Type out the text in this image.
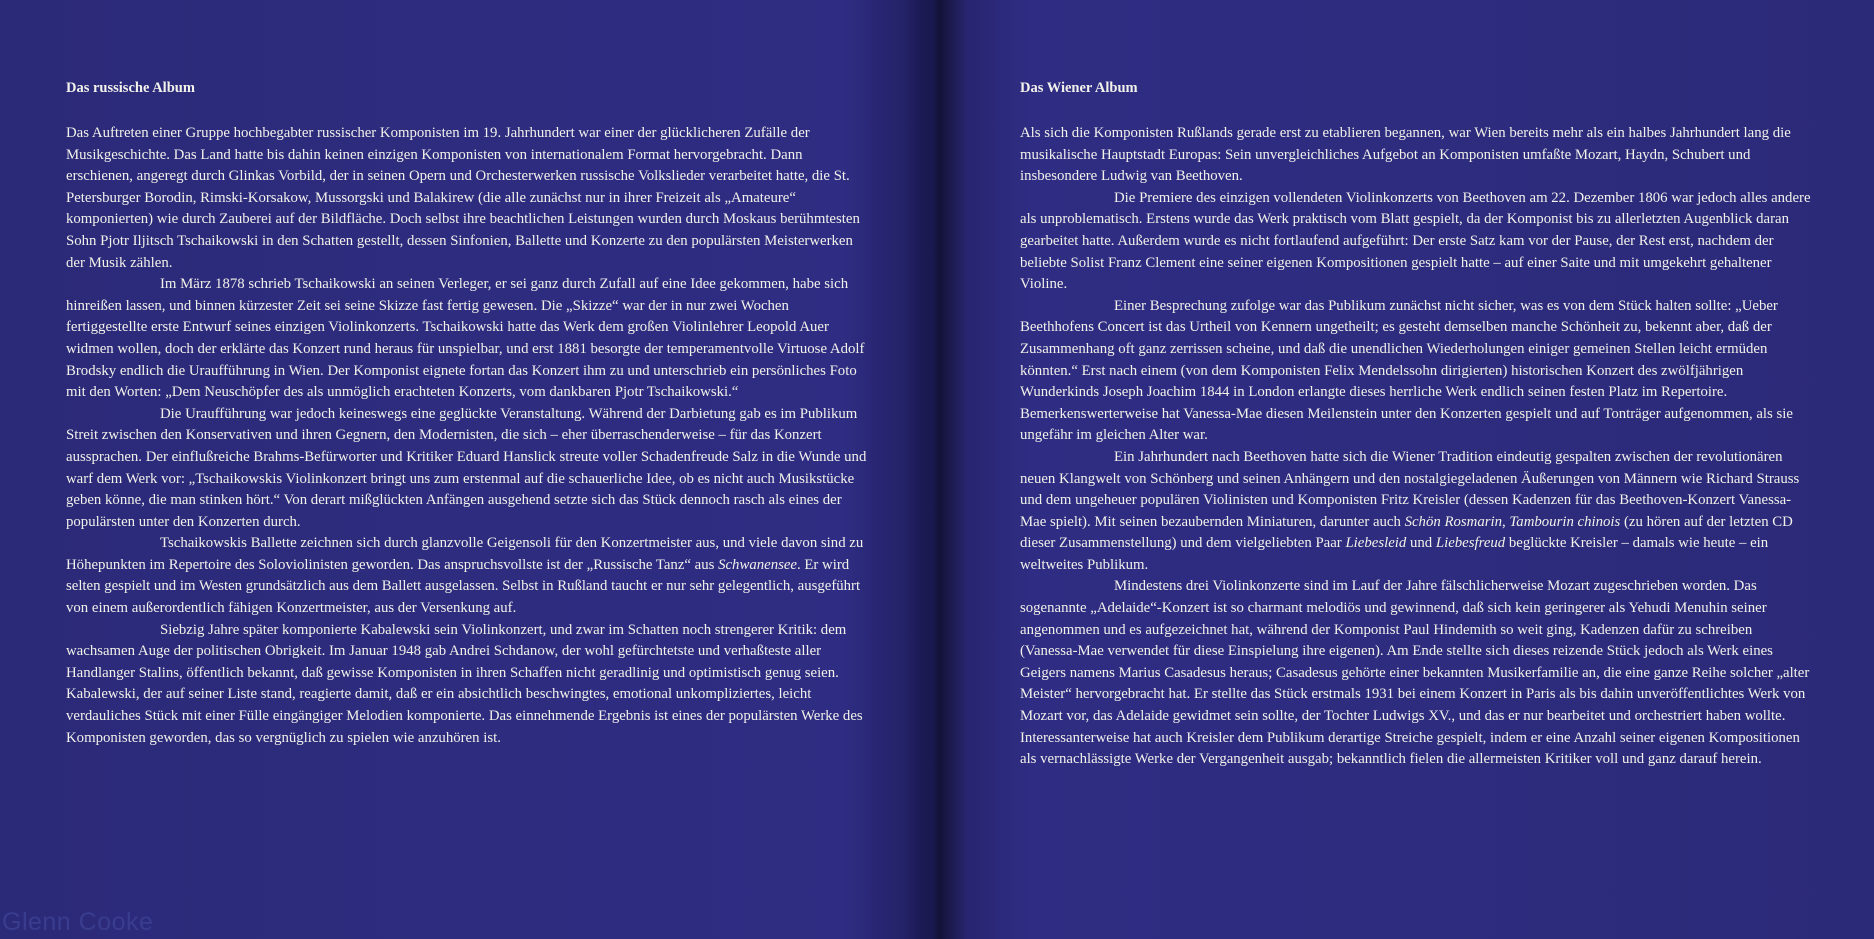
Das russische Album

Das Auftreten einer Gruppe hochbegabter russischer Komponisten im 19. Jahrhundert war einer der glücklicheren Zufälle der Musikgeschichte. Das Land hatte bis dahin keinen einzigen Komponisten von internationalem Format hervorgebracht. Dann erschienen, angeregt durch Glinkas Vorbild, der in seinen Opern und Orchesterwerken russische Volkslieder verarbeitet hatte, die St. Petersburger Borodin, Rimski-Korsakow, Mussorgski und Balakirew (die alle zunächst nur in ihrer Freizeit als „Amateure“ komponierten) wie durch Zauberei auf der Bildfläche. Doch selbst ihre beachtlichen Leistungen wurden durch Moskaus berühmtesten Sohn Pjotr Iljitsch Tschaikowski in den Schatten gestellt, dessen Sinfonien, Ballette und Konzerte zu den populärsten Meisterwerken der Musik zählen.

Im März 1878 schrieb Tschaikowski an seinen Verleger, er sei ganz durch Zufall auf eine Idee gekommen, habe sich hinreißen lassen, und binnen kürzester Zeit sei seine Skizze fast fertig gewesen. Die „Skizze“ war der in nur zwei Wochen fertiggestellte erste Entwurf seines einzigen Violinkonzerts. Tschaikowski hatte das Werk dem großen Violinlehrer Leopold Auer widmen wollen, doch der erklärte das Konzert rund heraus für unspielbar, und erst 1881 besorgte der temperamentvolle Virtuose Adolf Brodsky endlich die Uraufführung in Wien. Der Komponist eignete fortan das Konzert ihm zu und unterschrieb ein persönliches Foto mit den Worten: „Dem Neuschöpfer des als unmöglich erachteten Konzerts, vom dankbaren Pjotr Tschaikowski.“

Die Uraufführung war jedoch keineswegs eine geglückte Veranstaltung. Während der Darbietung gab es im Publikum Streit zwischen den Konservativen und ihren Gegnern, den Modernisten, die sich – eher überraschenderweise – für das Konzert aussprachen. Der einflußreiche Brahms-Befürworter und Kritiker Eduard Hanslick streute voller Schadenfreude Salz in die Wunde und warf dem Werk vor: „Tschaikowskis Violinkonzert bringt uns zum erstenmal auf die schauerliche Idee, ob es nicht auch Musikstücke geben könne, die man stinken hört.“ Von derart mißglückten Anfängen ausgehend setzte sich das Stück dennoch rasch als eines der populärsten unter den Konzerten durch.

Tschaikowskis Ballette zeichnen sich durch glanzvolle Geigensoli für den Konzertmeister aus, und viele davon sind zu Höhepunkten im Repertoire des Soloviolinisten geworden. Das anspruchsvollste ist der „Russische Tanz“ aus Schwanensee. Er wird selten gespielt und im Westen grundsätzlich aus dem Ballett ausgelassen. Selbst in Rußland taucht er nur sehr gelegentlich, ausgeführt von einem außerordentlich fähigen Konzertmeister, aus der Versenkung auf.

Siebzig Jahre später komponierte Kabalewski sein Violinkonzert, und zwar im Schatten noch strengerer Kritik: dem wachsamen Auge der politischen Obrigkeit. Im Januar 1948 gab Andrei Schdanow, der wohl gefürchtetste und verhaßteste aller Handlanger Stalins, öffentlich bekannt, daß gewisse Komponisten in ihren Schaffen nicht geradlinig und optimistisch genug seien. Kabalewski, der auf seiner Liste stand, reagierte damit, daß er ein absichtlich beschwingtes, emotional unkompliziertes, leicht verdauliches Stück mit einer Fülle eingängiger Melodien komponierte. Das einnehmende Ergebnis ist eines der populärsten Werke des Komponisten geworden, das so vergnüglich zu spielen wie anzuhören ist.

Das Wiener Album

Als sich die Komponisten Rußlands gerade erst zu etablieren begannen, war Wien bereits mehr als ein halbes Jahrhundert lang die musikalische Hauptstadt Europas: Sein unvergleichliches Aufgebot an Komponisten umfaßte Mozart, Haydn, Schubert und insbesondere Ludwig van Beethoven.

Die Premiere des einzigen vollendeten Violinkonzerts von Beethoven am 22. Dezember 1806 war jedoch alles andere als unproblematisch. Erstens wurde das Werk praktisch vom Blatt gespielt, da der Komponist bis zu allerletzten Augenblick daran gearbeitet hatte. Außerdem wurde es nicht fortlaufend aufgeführt: Der erste Satz kam vor der Pause, der Rest erst, nachdem der beliebte Solist Franz Clement eine seiner eigenen Kompositionen gespielt hatte – auf einer Saite und mit umgekehrt gehaltener Violine.

Einer Besprechung zufolge war das Publikum zunächst nicht sicher, was es von dem Stück halten sollte: „Ueber Beethhofens Concert ist das Urtheil von Kennern ungetheilt; es gesteht demselben manche Schönheit zu, bekennt aber, daß der Zusammenhang oft ganz zerrissen scheine, und daß die unendlichen Wiederholungen einiger gemeinen Stellen leicht ermüden könnten.“ Erst nach einem (von dem Komponisten Felix Mendelssohn dirigierten) historischen Konzert des zwölfjährigen Wunderkinds Joseph Joachim 1844 in London erlangte dieses herrliche Werk endlich seinen festen Platz im Repertoire. Bemerkenswerterweise hat Vanessa-Mae diesen Meilenstein unter den Konzerten gespielt und auf Tonträger aufgenommen, als sie ungefähr im gleichen Alter war.

Ein Jahrhundert nach Beethoven hatte sich die Wiener Tradition eindeutig gespalten zwischen der revolutionären neuen Klangwelt von Schönberg und seinen Anhängern und den nostalgiegeladenen Äußerungen von Männern wie Richard Strauss und dem ungeheuer populären Violinisten und Komponisten Fritz Kreisler (dessen Kadenzen für das Beethoven-Konzert Vanessa-Mae spielt). Mit seinen bezaubernden Miniaturen, darunter auch Schön Rosmarin, Tambourin chinois (zu hören auf der letzten CD dieser Zusammenstellung) und dem vielgeliebten Paar Liebesleid und Liebesfreud beglückte Kreisler – damals wie heute – ein weltweites Publikum.

Mindestens drei Violinkonzerte sind im Lauf der Jahre fälschlicherweise Mozart zugeschrieben worden. Das sogenannte „Adelaide“-Konzert ist so charmant melodiös und gewinnend, daß sich kein geringerer als Yehudi Menuhin seiner angenommen und es aufgezeichnet hat, während der Komponist Paul Hindemith so weit ging, Kadenzen dafür zu schreiben (Vanessa-Mae verwendet für diese Einspielung ihre eigenen). Am Ende stellte sich dieses reizende Stück jedoch als Werk eines Geigers namens Marius Casadesus heraus; Casadesus gehörte einer bekannten Musikerfamilie an, die eine ganze Reihe solcher „alter Meister“ hervorgebracht hat. Er stellte das Stück erstmals 1931 bei einem Konzert in Paris als bis dahin unveröffentlichtes Werk von Mozart vor, das Adelaide gewidmet sein sollte, der Tochter Ludwigs XV., und das er nur bearbeitet und orchestriert haben wollte. Interessanterweise hat auch Kreisler dem Publikum derartige Streiche gespielt, indem er eine Anzahl seiner eigenen Kompositionen als vernachlässigte Werke der Vergangenheit ausgab; bekanntlich fielen die allermeisten Kritiker voll und ganz darauf herein.

Glenn Cooke
